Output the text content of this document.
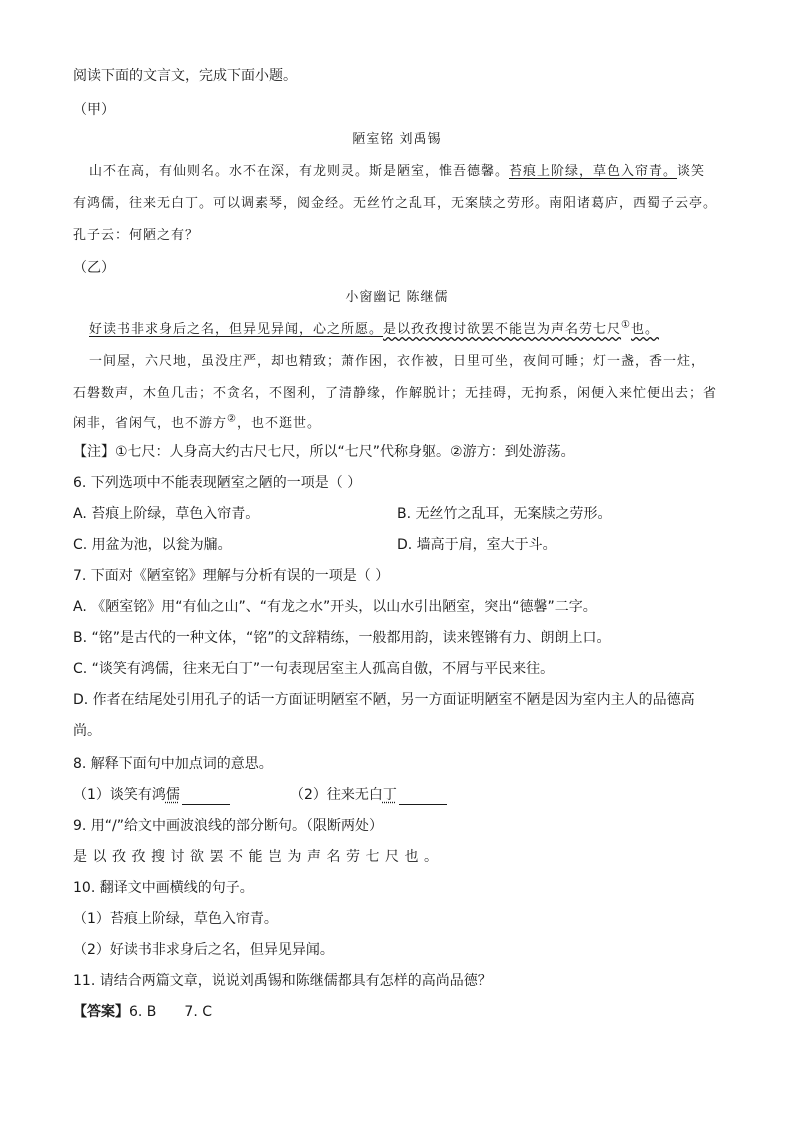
阅读下面的文言文，完成下面小题。
（甲）
陋室铭 刘禹锡
山不在高，有仙则名。水不在深，有龙则灵。斯是陋室，惟吾德馨。苔痕上阶绿，草色入帘青。谈笑
有鸿儒，往来无白丁。可以调素琴，阅金经。无丝竹之乱耳，无案牍之劳形。南阳诸葛庐，西蜀子云亭。
孔子云：何陋之有？
（乙）
小窗幽记 陈继儒
好读书非求身后之名，但异见异闻，心之所愿。是以孜孜搜讨欲罢不能岂为声名劳七尺①也。
一间屋，六尺地，虽没庄严，却也精致；萧作困，衣作被，日里可坐，夜间可睡；灯一盏，香一炷，
石磐数声，木鱼几击；不贪名，不图利，了清静缘，作解脱计；无挂碍，无拘系，闲便入来忙便出去；省
闲非，省闲气，也不游方②，也不逛世。
【注】①七尺：人身高大约古尺七尺，所以“七尺”代称身躯。②游方：到处游荡。
6. 下列选项中不能表现陋室之陋的一项是（ ）
A. 苔痕上阶绿，草色入帘青。	B. 无丝竹之乱耳，无案牍之劳形。
C. 用盆为池，以瓮为牖。	D. 墙高于肩，室大于斗。
7. 下面对《陋室铭》理解与分析有误的一项是（ ）
A. 《陋室铭》用“有仙之山”、“有龙之水”开头，以山水引出陋室，突出“德馨”二字。
B. “铭”是古代的一种文体，“铭”的文辞精练，一般都用韵，读来铿锵有力、朗朗上口。
C. “谈笑有鸿儒，往来无白丁”一句表现居室主人孤高自傲，不屑与平民来往。
D. 作者在结尾处引用孔子的话一方面证明陋室不陋，另一方面证明陋室不陋是因为室内主人的品德高
尚。
8. 解释下面句中加点词的意思。
（1）谈笑有鸿儒	（2）往来无白丁
9. 用“/”给文中画波浪线的部分断句。（限断两处）
是以孜孜搜讨欲罢不能岂为声名劳七尺也。
10. 翻译文中画横线的句子。
（1）苔痕上阶绿，草色入帘青。
（2）好读书非求身后之名，但异见异闻。
11. 请结合两篇文章，说说刘禹锡和陈继儒都具有怎样的高尚品德？
【答案】6. B 7. C
